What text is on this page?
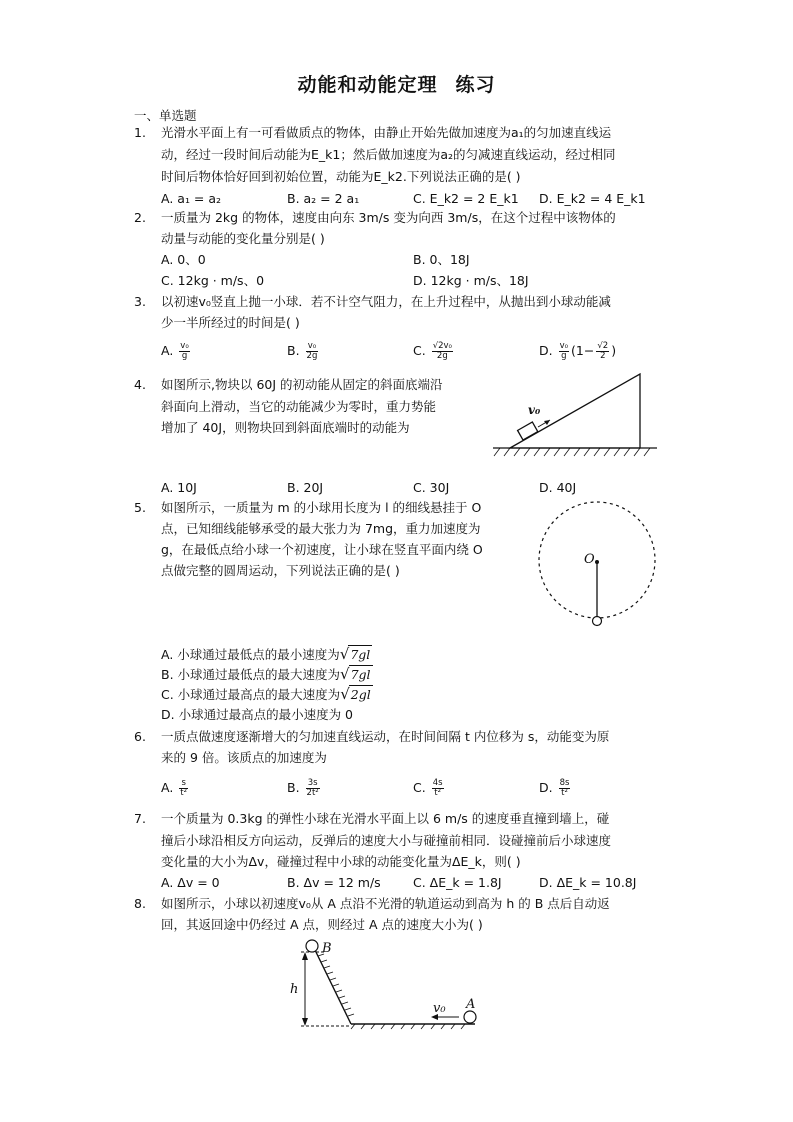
动能和动能定理 练习
一、单选题
1. 光滑水平面上有一可看做质点的物体，由静止开始先做加速度为a₁的匀加速直线运
动，经过一段时间后动能为E_k1；然后做加速度为a₂的匀减速直线运动，经过相同
时间后物体恰好回到初始位置，动能为E_k2.下列说法正确的是( )
A. a₁ = a₂	B. a₂ = 2 a₁	C. E_k2 = 2 E_k1 D. E_k2 = 4 E_k1
2. 一质量为 2kg 的物体，速度由向东 3m/s 变为向西 3m/s，在这个过程中该物体的
动量与动能的变化量分别是( )
A. 0、0	B. 0、18J
C. 12kg · m/s、0	D. 12kg · m/s、18J
3. 以初速v₀竖直上抛一小球．若不计空气阻力，在上升过程中，从抛出到小球动能减
少一半所经过的时间是( )
A. $\frac{\text{v₀}}{g}$	B. $\frac{\text{v₀}}{2g}$	C. $\frac{\text{√2v₀}}{2g}$	D. $\frac{\text{v₀}}{g} (1- \frac{√2}{2}$ )
4. 如图所示,物块以 60J 的初动能从固定的斜面底端沿
斜面向上滑动，当它的动能减少为零时，重力势能
增加了 40J，则物块回到斜面底端时的动能为
v₀
A. 10J	B. 20J	C. 30J	D. 40J
5. 如图所示，一质量为 m 的小球用长度为 l 的细线悬挂于 O
点，已知细线能够承受的最大张力为 7mg，重力加速度为
g，在最低点给小球一个初速度，让小球在竖直平面内绕 O
点做完整的圆周运动，下列说法正确的是( )
O
A. 小球通过最低点的最小速度为√7gl
B. 小球通过最低点的最大速度为√7gl
C. 小球通过最高点的最大速度为√2gl
D. 小球通过最高点的最小速度为 0
6. 一质点做速度逐渐增大的匀加速直线运动，在时间间隔 t 内位移为 s，动能变为原
来的 9 倍。该质点的加速度为
A. $\frac{s}{\text{t²}}$	B. $\frac{3s}{\text{2t²}}$	C. $\frac{4s}{\text{t²}}$	D. $\frac{8s}{\text{t²}}$
7. 一个质量为 0.3kg 的弹性小球在光滑水平面上以 6 m/s 的速度垂直撞到墙上，碰
撞后小球沿相反方向运动，反弹后的速度大小与碰撞前相同．设碰撞前后小球速度
变化量的大小为Δv，碰撞过程中小球的动能变化量为ΔE_k，则( )
A. Δv = 0	B. Δv = 12 m/s	C. ΔE_k = 1.8J	D. ΔE_k = 10.8J
8. 如图所示，小球以初速度v₀从 A 点沿不光滑的轨道运动到高为 h 的 B 点后自动返
回，其返回途中仍经过 A 点，则经过 A 点的速度大小为( )
B
h
v₀ A
